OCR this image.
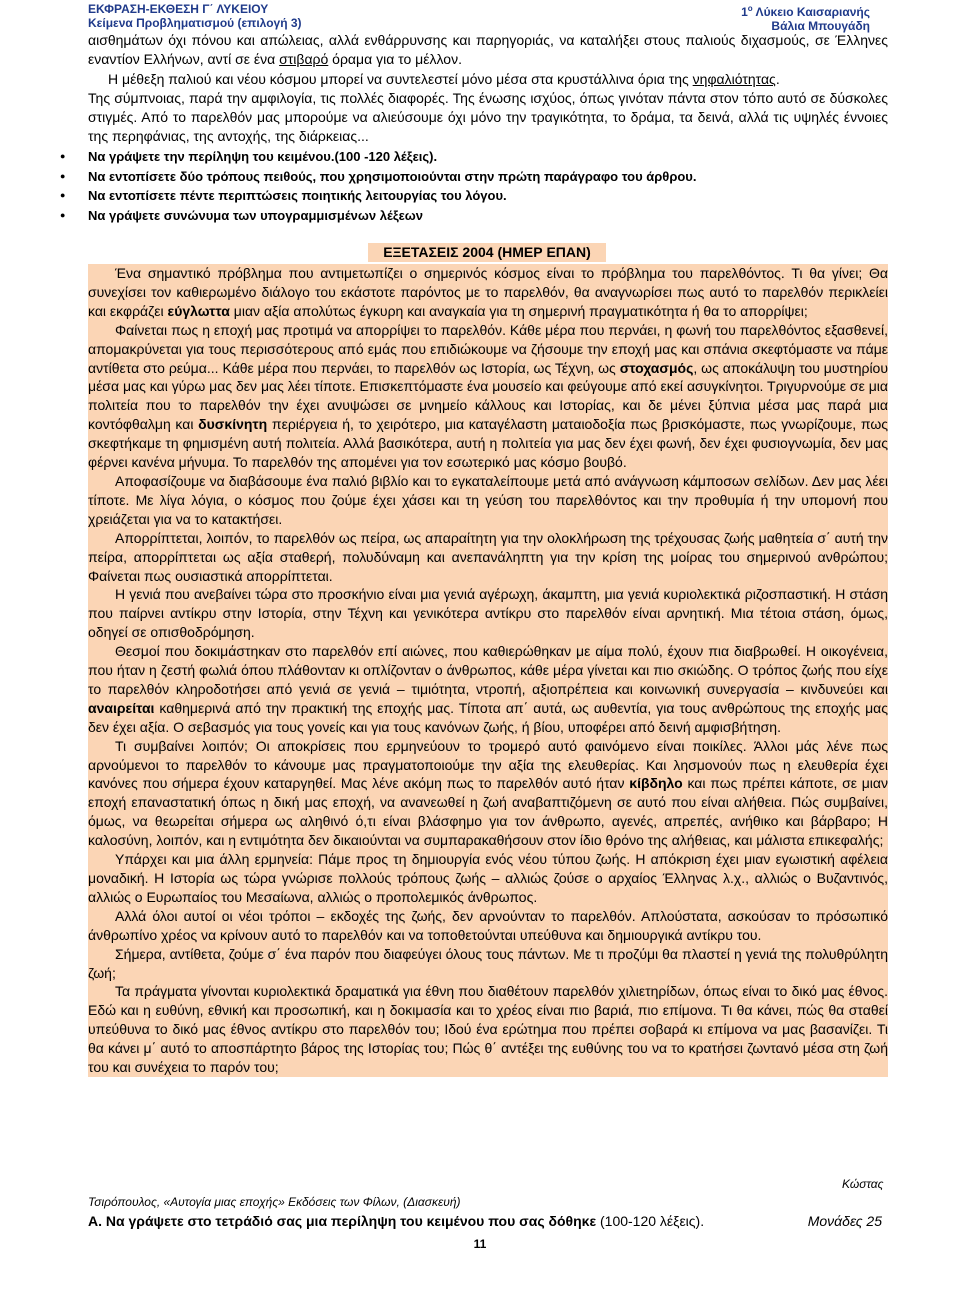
ΕΚΦΡΑΣΗ-ΕΚΘΕΣΗ Γ΄ ΛΥΚΕΙΟΥ
Κείμενα Προβληματισμού (επιλογή 3)
$1^o$ Λύκειο Καισαριανής
Βάλια Μπουγάδη

αισθημάτων όχι πόνου και απώλειας, αλλά ενθάρρυνσης και παρηγοριάς, να καταλήξει στους παλιούς διχασμούς, σε Έλληνες εναντίον Ελλήνων, αντί σε ένα στιβαρό όραμα για το μέλλον.

Η μέθεξη παλιού και νέου κόσμου μπορεί να συντελεστεί μόνο μέσα στα κρυστάλλινα όρια της νηφαλιότητας.

Της σύμπνοιας, παρά την αμφιλογία, τις πολλές διαφορές. Της ένωσης ισχύος, όπως γινόταν πάντα στον τόπο αυτό σε δύσκολες στιγμές. Από το παρελθόν μας μπορούμε να αλιεύσουμε όχι μόνο την τραγικότητα, το δράμα, τα δεινά, αλλά τις υψηλές έννοιες της περηφάνιας, της αντοχής, της διάρκειας...

● Να γράψετε την περίληψη του κειμένου.(100 -120 λέξεις).
● Να εντοπίσετε δύο τρόπους πειθούς, που χρησιμοποιούνται στην πρώτη παράγραφο του άρθρου.
● Να εντοπίσετε πέντε περιπτώσεις ποιητικής λειτουργίας του λόγου.
● Να γράψετε συνώνυμα των υπογραμμισμένων λέξεων
ΕΞΕΤΑΣΕΙΣ 2004 (ΗΜΕΡ ΕΠΑΝ)

Ένα σημαντικό πρόβλημα που αντιμετωπίζει ο σημερινός κόσμος είναι το πρόβλημα του παρελθόντος. Τι θα γίνει; Θα συνεχίσει τον καθιερωμένο διάλογο του εκάστοτε παρόντος με το παρελθόν, θα αναγνωρίσει πως αυτό το παρελθόν περικλείει και εκφράζει εύγλωττα μιαν αξία απολύτως έγκυρη και αναγκαία για τη σημερινή πραγματικότητα ή θα το απορρίψει;

Φαίνεται πως η εποχή μας προτιμά να απορρίψει το παρελθόν. Κάθε μέρα που περνάει, η φωνή του παρελθόντος εξασθενεί, απομακρύνεται για τους περισσότερους από εμάς που επιδιώκουμε να ζήσουμε την εποχή μας και σπάνια σκεφτόμαστε να πάμε αντίθετα στο ρεύμα... Κάθε μέρα που περνάει, το παρελθόν ως Ιστορία, ως Τέχνη, ως στοχασμός, ως αποκάλυψη του μυστηρίου μέσα μας και γύρω μας δεν μας λέει τίποτε. Επισκεπτόμαστε ένα μουσείο και φεύγουμε από εκεί ασυγκίνητοι. Τριγυρνούμε σε μια πολιτεία που το παρελθόν την έχει ανυψώσει σε μνημείο κάλλους και Ιστορίας, και δε μένει ξύπνια μέσα μας παρά μια κοντόφθαλμη και δυσκίνητη περιέργεια ή, το χειρότερο, μια καταγέλαστη ματαιοδοξία πως βρισκόμαστε, πως γνωρίζουμε, πως σκεφτήκαμε τη φημισμένη αυτή πολιτεία. Αλλά βασικότερα, αυτή η πολιτεία για μας δεν έχει φωνή, δεν έχει φυσιογνωμία, δεν μας φέρνει κανένα μήνυμα. Το παρελθόν της απομένει για τον εσωτερικό μας κόσμο βουβό.

Αποφασίζουμε να διαβάσουμε ένα παλιό βιβλίο και το εγκαταλείπουμε μετά από ανάγνωση κάμποσων σελίδων. Δεν μας λέει τίποτε. Με λίγα λόγια, ο κόσμος που ζούμε έχει χάσει και τη γεύση του παρελθόντος και την προθυμία ή την υπομονή που χρειάζεται για να το κατακτήσει.

Απορρίπτεται, λοιπόν, το παρελθόν ως πείρα, ως απαραίτητη για την ολοκλήρωση της τρέχουσας ζωής μαθητεία σ΄ αυτή την πείρα, απορρίπτεται ως αξία σταθερή, πολυδύναμη και ανεπανάληπτη για την κρίση της μοίρας του σημερινού ανθρώπου; Φαίνεται πως ουσιαστικά απορρίπτεται.

Η γενιά που ανεβαίνει τώρα στο προσκήνιο είναι μια γενιά αγέρωχη, άκαμπτη, μια γενιά κυριολεκτικά ριζοσπαστική. Η στάση που παίρνει αντίκρυ στην Ιστορία, στην Τέχνη και γενικότερα αντίκρυ στο παρελθόν είναι αρνητική. Μια τέτοια στάση, όμως, οδηγεί σε οπισθοδρόμηση.

Θεσμοί που δοκιμάστηκαν στο παρελθόν επί αιώνες, που καθιερώθηκαν με αίμα πολύ, έχουν πια διαβρωθεί. Η οικογένεια, που ήταν η ζεστή φωλιά όπου πλάθονταν κι οπλίζονταν ο άνθρωπος, κάθε μέρα γίνεται και πιο σκιώδης. Ο τρόπος ζωής που είχε το παρελθόν κληροδοτήσει από γενιά σε γενιά – τιμιότητα, ντροπή, αξιοπρέπεια και κοινωνική συνεργασία – κινδυνεύει και αναιρείται καθημερινά από την πρακτική της εποχής μας. Τίποτα απ΄ αυτά, ως αυθεντία, για τους ανθρώπους της εποχής μας δεν έχει αξία. Ο σεβασμός για τους γονείς και για τους κανόνων ζωής, ή βίου, υποφέρει από δεινή αμφισβήτηση.

Τι συμβαίνει λοιπόν; Οι αποκρίσεις που ερμηνεύουν το τρομερό αυτό φαινόμενο είναι ποικίλες. Άλλοι μάς λένε πως αρνούμενοι το παρελθόν το κάνουμε μας πραγματοποιούμε την αξία της ελευθερίας. Και λησμονούν πως η ελευθερία έχει κανόνες που σήμερα έχουν καταργηθεί. Μας λένε ακόμη πως το παρελθόν αυτό ήταν κίβδηλο και πως πρέπει κάποτε, σε μιαν εποχή επαναστατική όπως η δική μας εποχή, να ανανεωθεί η ζωή αναβαπτιζόμενη σε αυτό που είναι αλήθεια. Πώς συμβαίνει, όμως, να θεωρείται σήμερα ως αληθινό ό,τι είναι βλάσφημο για τον άνθρωπο, αγενές, απρεπές, ανήθικο και βάρβαρο; Η καλοσύνη, λοιπόν, και η εντιμότητα δεν δικαιούνται να συμπαρακαθήσουν στον ίδιο θρόνο της αλήθειας, και μάλιστα επικεφαλής;

Υπάρχει και μια άλλη ερμηνεία: Πάμε προς τη δημιουργία ενός νέου τύπου ζωής. Η απόκριση έχει μιαν εγωιστική αφέλεια μοναδική. Η Ιστορία ως τώρα γνώρισε πολλούς τρόπους ζωής – αλλιώς ζούσε ο αρχαίος Έλληνας λ.χ., αλλιώς ο Βυζαντινός, αλλιώς ο Ευρωπαίος του Μεσαίωνα, αλλιώς ο προπολεμικός άνθρωπος.

Αλλά όλοι αυτοί οι νέοι τρόποι – εκδοχές της ζωής, δεν αρνούνταν το παρελθόν. Απλούστατα, ασκούσαν το πρόσωπικό άνθρωπίνο χρέος να κρίνουν αυτό το παρελθόν και να τοποθετούνται υπεύθυνα και δημιουργικά αντίκρυ του.

Σήμερα, αντίθετα, ζούμε σ΄ ένα παρόν που διαφεύγει όλους τους πάντων. Με τι προζύμι θα πλαστεί η γενιά της πολυθρύλητη ζωή;

Τα πράγματα γίνονται κυριολεκτικά δραματικά για έθνη που διαθέτουν παρελθόν χιλιετηρίδων, όπως είναι το δικό μας έθνος. Εδώ και η ευθύνη, εθνική και προσωπική, και η δοκιμασία και το χρέος είναι πιο βαριά, πιο επίμονα. Τι θα κάνει, πώς θα σταθεί υπεύθυνα το δικό μας έθνος αντίκρυ στο παρελθόν του; Ιδού ένα ερώτημα που πρέπει σοβαρά κι επίμονα να μας βασανίζει. Τι θα κάνει μ΄ αυτό το αποσπάρτητο βάρος της Ιστορίας του; Πώς θ΄ αντέξει της ευθύνης του να το κρατήσει ζωντανό μέσα στη ζωή του και συνέχεια το παρόν του;

Κώστας
Τσιρόπουλος, «Αυτογία μιας εποχής» Εκδόσεις των Φίλων, (Διασκευή)
Α. Να γράψετε στο τετράδιό σας μια περίληψη του κειμένου που σας δόθηκε (100-120 λέξεις).	Μονάδες 25
11
